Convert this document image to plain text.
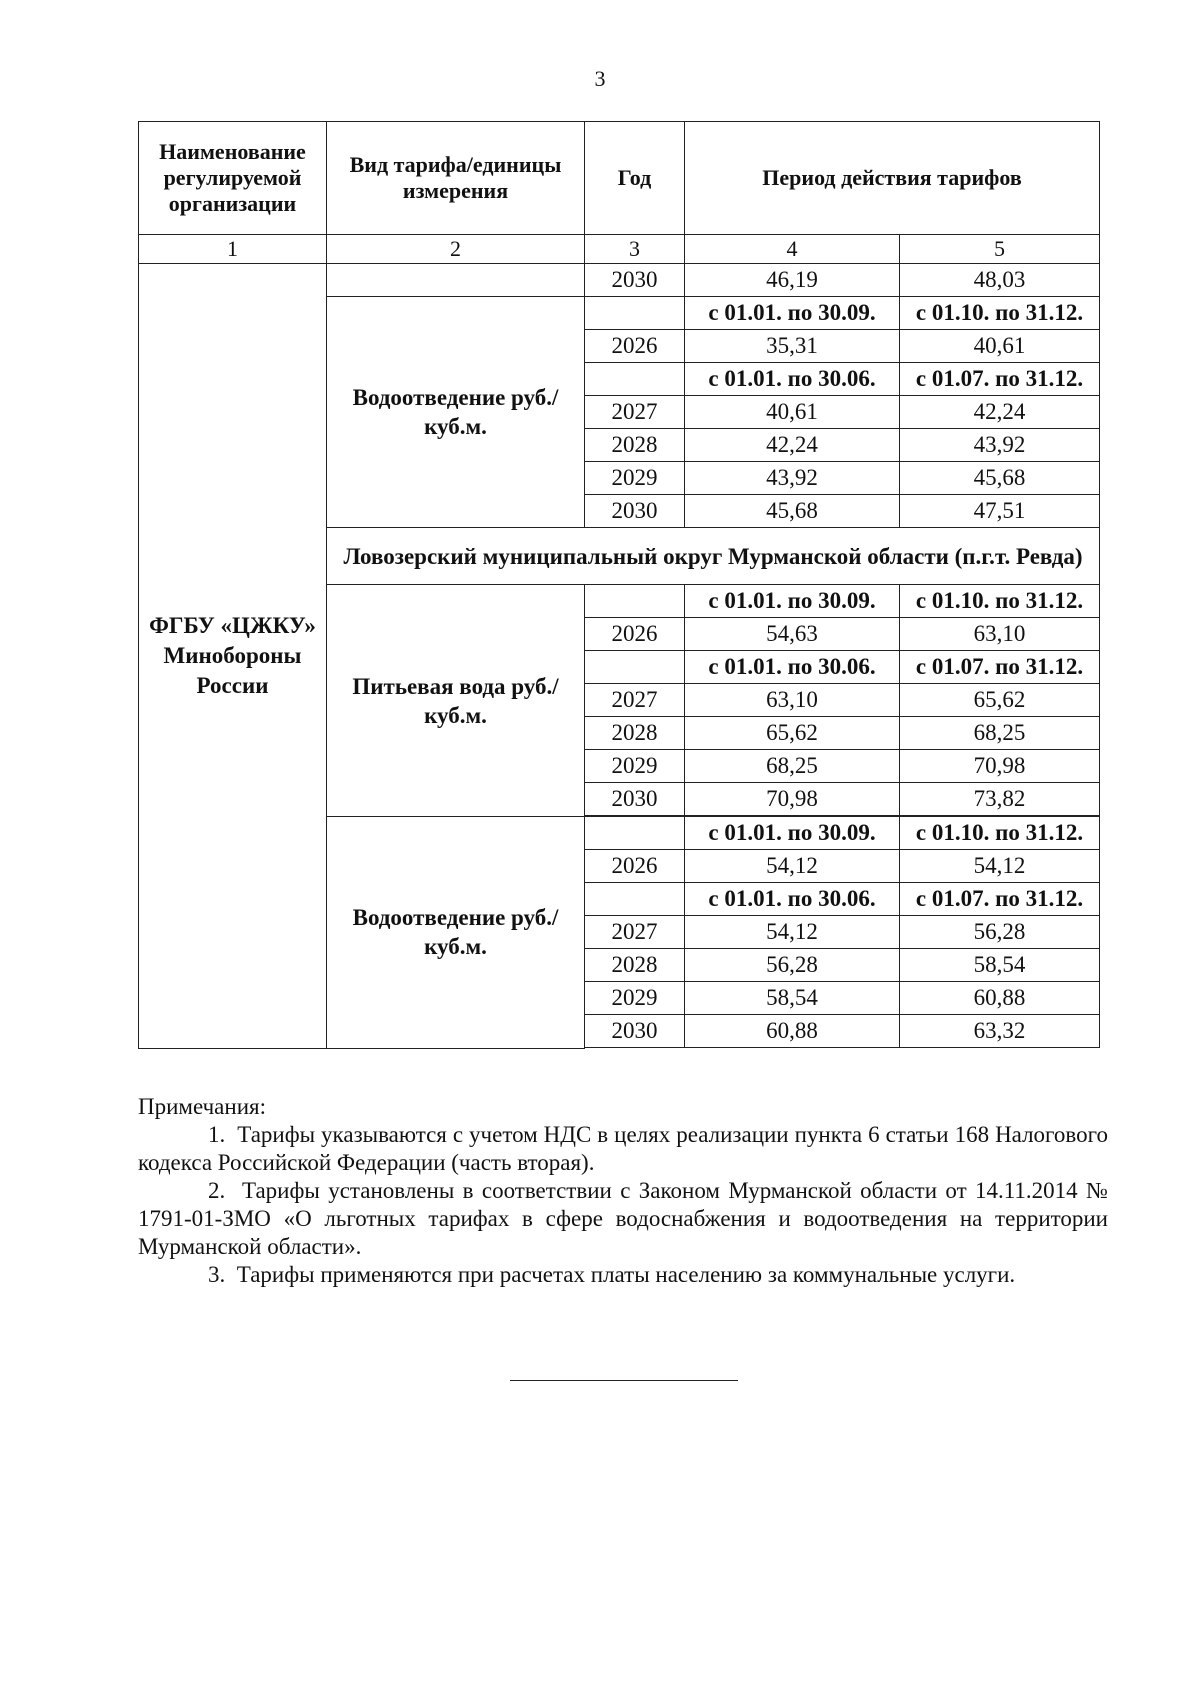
3
Наименование регулируемой организации	Вид тарифа/единицы измерения	Год	Период действия тарифов	
1	2	3	4	5
ФГБУ «ЦЖКУ» Минобороны России		2030	46,19	48,03
	Водоотведение руб./куб.м.		с 01.01. по 30.09.	с 01.10. по 31.12.
		2026	35,31	40,61
			с 01.01. по 30.06.	с 01.07. по 31.12.
		2027	40,61	42,24
		2028	42,24	43,92
		2029	43,92	45,68
		2030	45,68	47,51
	Ловозерский муниципальный округ Мурманской области (п.г.т. Ревда)			
	Питьевая вода руб./куб.м.		с 01.01. по 30.09.	с 01.10. по 31.12.
		2026	54,63	63,10
			с 01.01. по 30.06.	с 01.07. по 31.12.
		2027	63,10	65,62
		2028	65,62	68,25
		2029	68,25	70,98
		2030	70,98	73,82

	Водоотведение руб./куб.м.		с 01.01. по 30.09.	с 01.10. по 31.12.
		2026	54,12	54,12
			с 01.01. по 30.06.	с 01.07. по 31.12.
		2027	54,12	56,28
		2028	56,28	58,54
		2029	58,54	60,88
		2030	60,88	63,32

Примечания:

1.  Тарифы указываются с учетом НДС в целях реализации пункта 6 статьи 168 Налогового кодекса Российской Федерации (часть вторая).

2.  Тарифы установлены в соответствии с Законом Мурманской области от 14.11.2014 № 1791-01-ЗМО «О льготных тарифах в сфере водоснабжения и водоотведения на территории Мурманской области».

3.  Тарифы применяются при расчетах платы населению за коммунальные услуги.
